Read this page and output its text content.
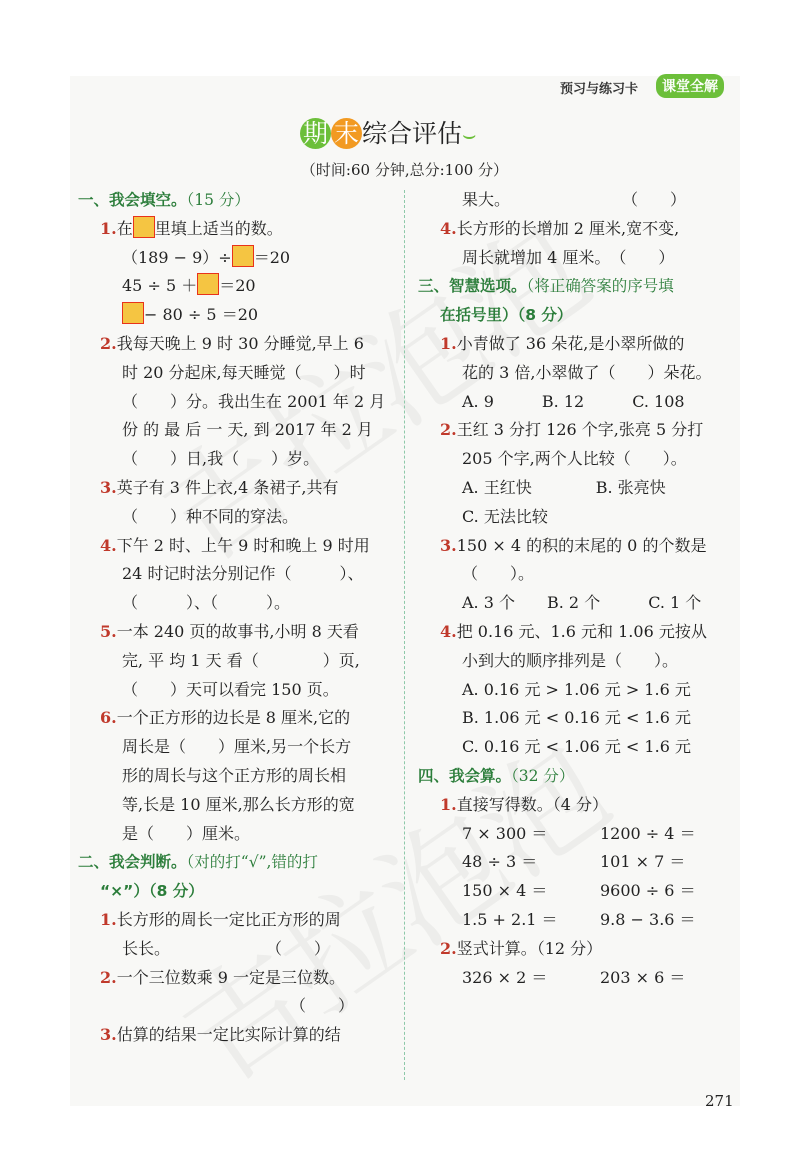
预习与练习卡	课堂全解
期 末 综合评估⌣
（时间:60 分钟,总分:100 分）
一、我会填空。（15 分）
1.在 里填上适当的数。
（189 − 9）÷ ＝20
45 ÷ 5 ＋ ＝20
− 80 ÷ 5 ＝20
2.我每天晚上 9 时 30 分睡觉,早上 6
时 20 分起床,每天睡觉（　　）时
（　　）分。我出生在 2001 年 2 月
份 的 最 后 一 天, 到 2017 年 2 月
（　　）日,我（　　）岁。
3.英子有 3 件上衣,4 条裙子,共有
（　　）种不同的穿法。
4.下午 2 时、上午 9 时和晚上 9 时用
24 时记时法分别记作（　　　）、
（　　　）、（　　　）。
5.一本 240 页的故事书,小明 8 天看
完, 平 均 1 天 看（　　　　）页,
（　　）天可以看完 150 页。
6.一个正方形的边长是 8 厘米,它的
周长是（　　）厘米,另一个长方
形的周长与这个正方形的周长相
等,长是 10 厘米,那么长方形的宽
是（　　）厘米。
二、我会判断。（对的打“√”,错的打
“×”）（8 分）
1.长方形的周长一定比正方形的周
长长。　　　　　　　（　　）
2.一个三位数乘 9 一定是三位数。
　　　　　　　　　　　（　　）
3.估算的结果一定比实际计算的结
果大。　　　　　　　　（　　）
4.长方形的长增加 2 厘米,宽不变,
周长就增加 4 厘米。　（　　）
三、智慧选项。（将正确答案的序号填
在括号里）（8 分）
1.小青做了 36 朵花,是小翠所做的
花的 3 倍,小翠做了（　　）朵花。
A. 9　　　B. 12　　　C. 108
2.王红 3 分打 126 个字,张亮 5 分打
205 个字,两个人比较（　　）。
A. 王红快　　　　B. 张亮快
C. 无法比较
3.150 × 4 的积的末尾的 0 的个数是
（　　）。
A. 3 个　　B. 2 个　　　C. 1 个
4.把 0.16 元、1.6 元和 1.06 元按从
小到大的顺序排列是（　　）。
A. 0.16 元 > 1.06 元 > 1.6 元
B. 1.06 元 < 0.16 元 < 1.6 元
C. 0.16 元 < 1.06 元 < 1.6 元
四、我会算。（32 分）
1.直接写得数。（4 分）
7 × 300 ＝	1200 ÷ 4 ＝
48 ÷ 3 ＝	101 × 7 ＝
150 × 4 ＝	9600 ÷ 6 ＝
1.5 + 2.1 ＝	9.8 − 3.6 ＝
2.竖式计算。（12 分）
326 × 2 ＝	203 × 6 ＝
271
